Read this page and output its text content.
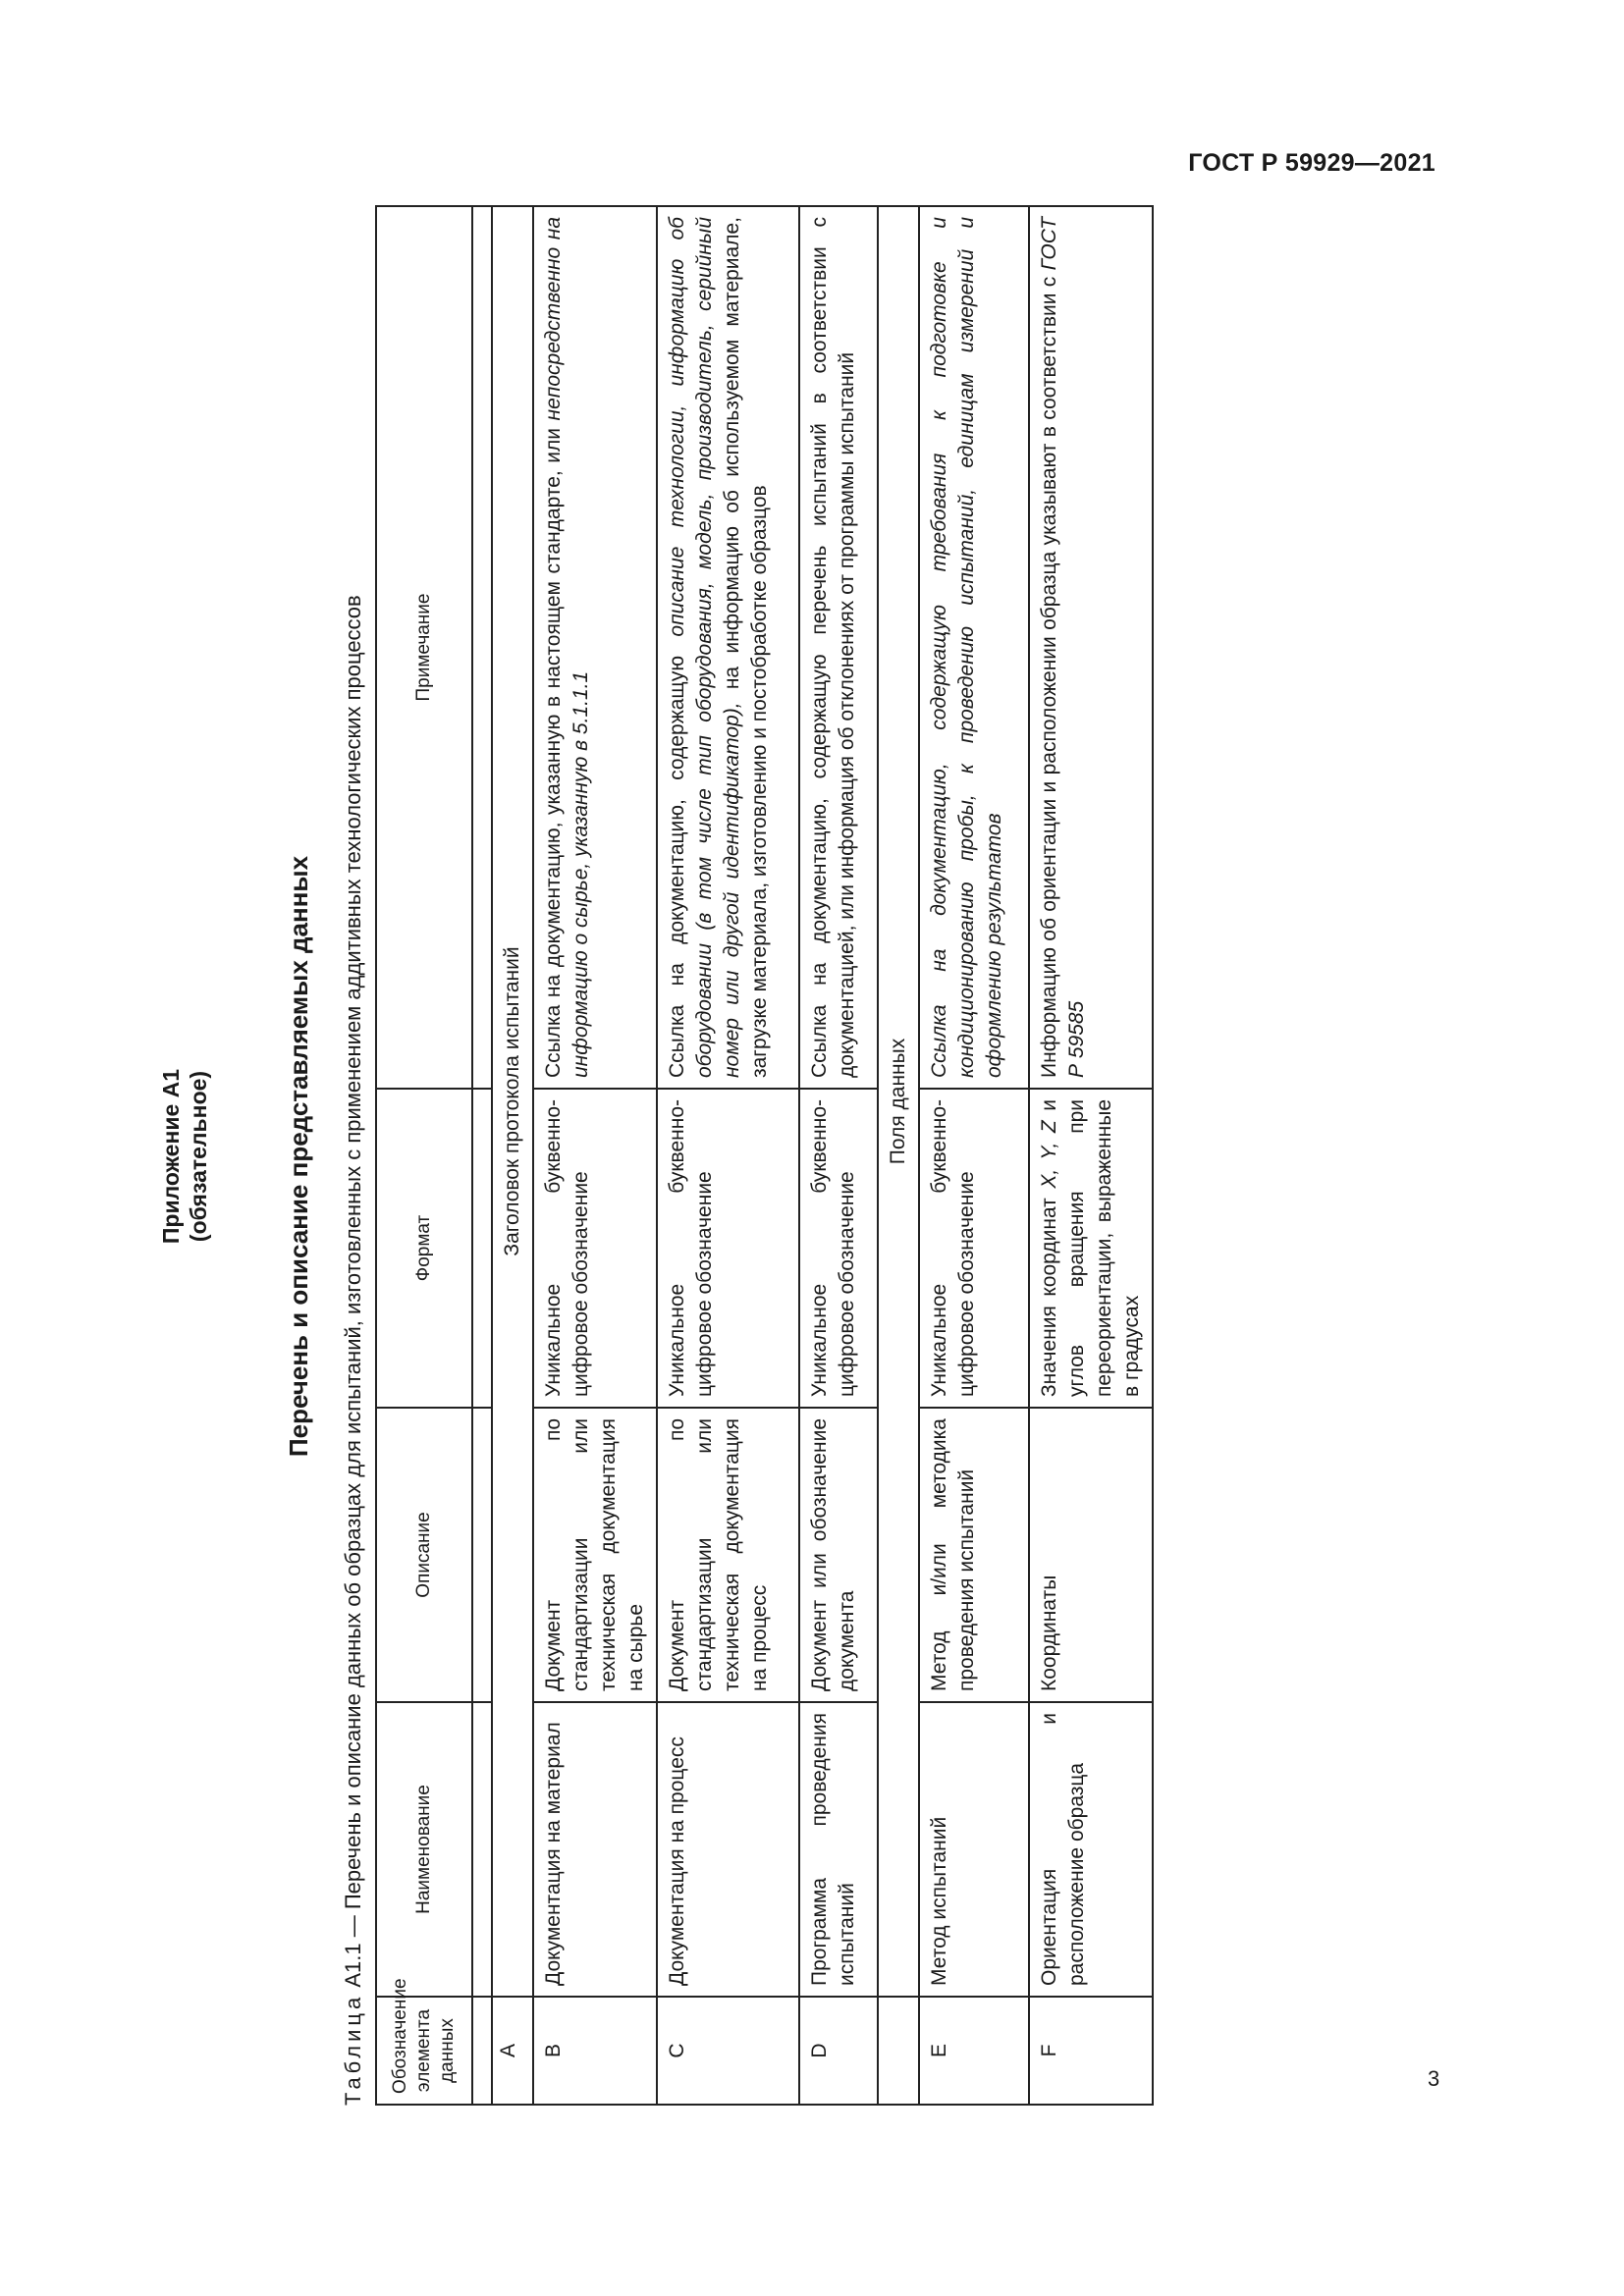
ГОСТ Р 59929—2021
Приложение А1 (обязательное)	Перечень и описание представляемых данных
Таблица А1.1 — Перечень и описание данных об образцах для испытаний, изготовленных с применением аддитивных технологических процессов
Обозначение элемента данных	Наименование	Описание	Формат	Примечание

A	Заголовок протокола испытаний			
B	Документация на материал	Документ по стандартизации или техническая документация на сырье	Уникальное буквенно-цифровое обозначение	Ссылка на документацию, указанную в настоящем стандарте, или непосредственно на информацию о сырье, указанную в 5.1.1.1
C	Документация на процесс	Документ по стандартизации или техническая документация на процесс	Уникальное буквенно-цифровое обозначение	Ссылка на документацию, содержащую описание технологии, информацию об оборудовании (в том числе тип оборудования, модель, производитель, серийный номер или другой идентификатор), на информацию об используемом материале, загрузке материала, изготовлению и постобработке образцов
D	Программа проведения испытаний	Документ или обозначение документа	Уникальное буквенно-цифровое обозначение	Ссылка на документацию, содержащую перечень испытаний в соответствии с документацией, или информация об отклонениях от программы испытаний
	Поля данных			
E	Метод испытаний	Метод и/или методика проведения испытаний	Уникальное буквенно-цифровое обозначение	Ссылка на документацию, содержащую требования к подготовке и кондиционированию пробы, к проведению испытаний, единицам измерений и оформлению результатов
F	Ориентация и расположение образца	Координаты	Значения координат X, Y, Z и углов вращения при переориентации, выраженные в градусах	Информацию об ориентации и расположении образца указывают в соответствии с ГОСТ Р 59585
3
